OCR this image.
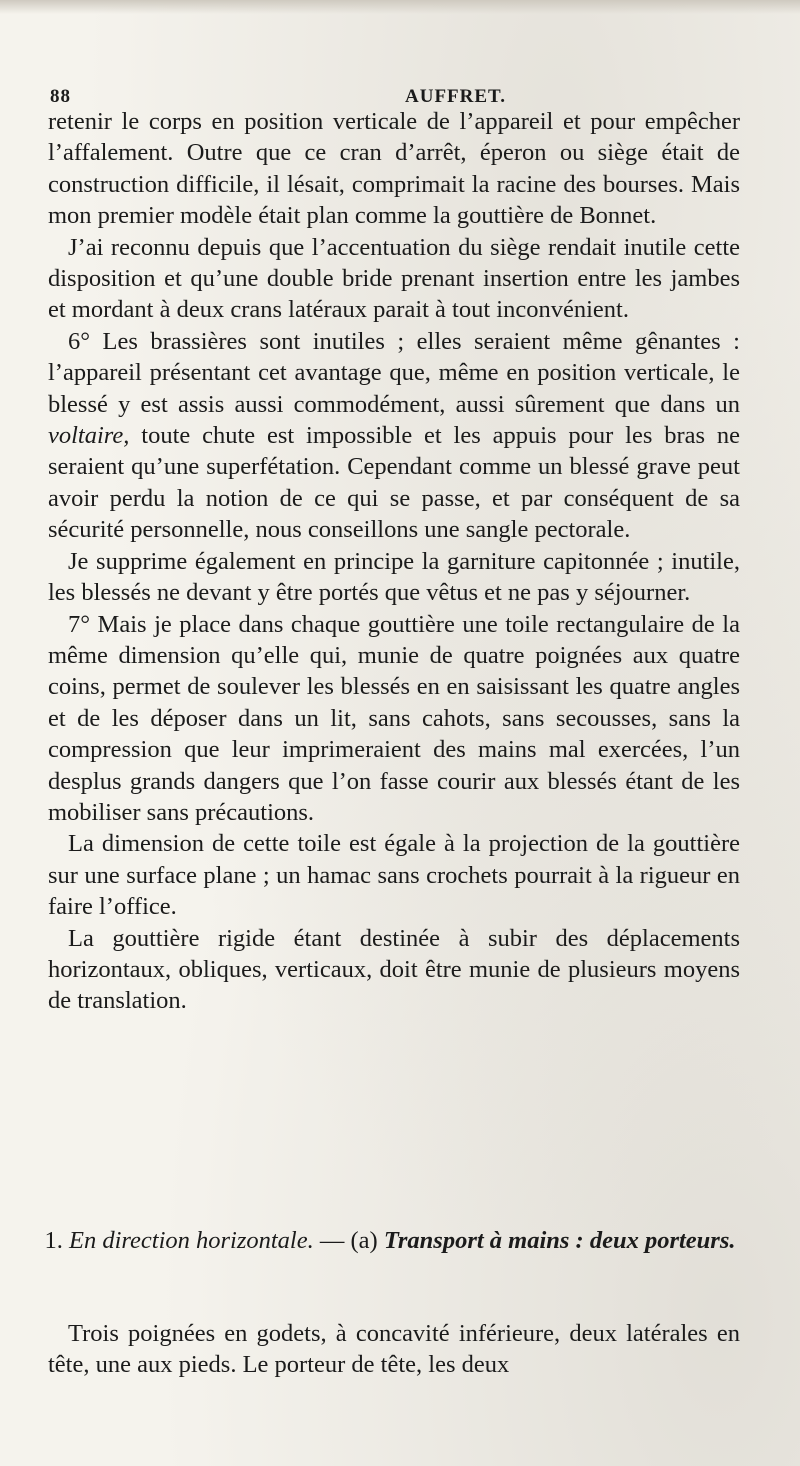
88	AUFFRET.

retenir le corps en position verticale de l’appareil et pour empêcher l’affalement. Outre que ce cran d’arrêt, éperon ou siège était de construction difficile, il lésait, comprimait la racine des bourses. Mais mon premier modèle était plan comme la gouttière de Bonnet.

J’ai reconnu depuis que l’accentuation du siège rendait inutile cette disposition et qu’une double bride prenant insertion entre les jambes et mordant à deux crans latéraux parait à tout inconvénient.

6° Les brassières sont inutiles ; elles seraient même gênantes : l’appareil présentant cet avantage que, même en position verticale, le blessé y est assis aussi commodément, aussi sûrement que dans un voltaire, toute chute est impossible et les appuis pour les bras ne seraient qu’une superfétation. Cependant comme un blessé grave peut avoir perdu la notion de ce qui se passe, et par conséquent de sa sécurité personnelle, nous conseillons une sangle pectorale.

Je supprime également en principe la garniture capitonnée ; inutile, les blessés ne devant y être portés que vêtus et ne pas y séjourner.

7° Mais je place dans chaque gouttière une toile rectangulaire de la même dimension qu’elle qui, munie de quatre poignées aux quatre coins, permet de soulever les blessés en en saisissant les quatre angles et de les déposer dans un lit, sans cahots, sans secousses, sans la compression que leur imprimeraient des mains mal exercées, l’un desplus grands dangers que l’on fasse courir aux blessés étant de les mobiliser sans précautions.

La dimension de cette toile est égale à la projection de la gouttière sur une surface plane ; un hamac sans crochets pourrait à la rigueur en faire l’office.

La gouttière rigide étant destinée à subir des déplacements horizontaux, obliques, verticaux, doit être munie de plusieurs moyens de translation.

1. En direction horizontale. — (a) Transport à mains : deux porteurs.
Trois poignées en godets, à concavité inférieure, deux latérales en tête, une aux pieds. Le porteur de tête, les deux
